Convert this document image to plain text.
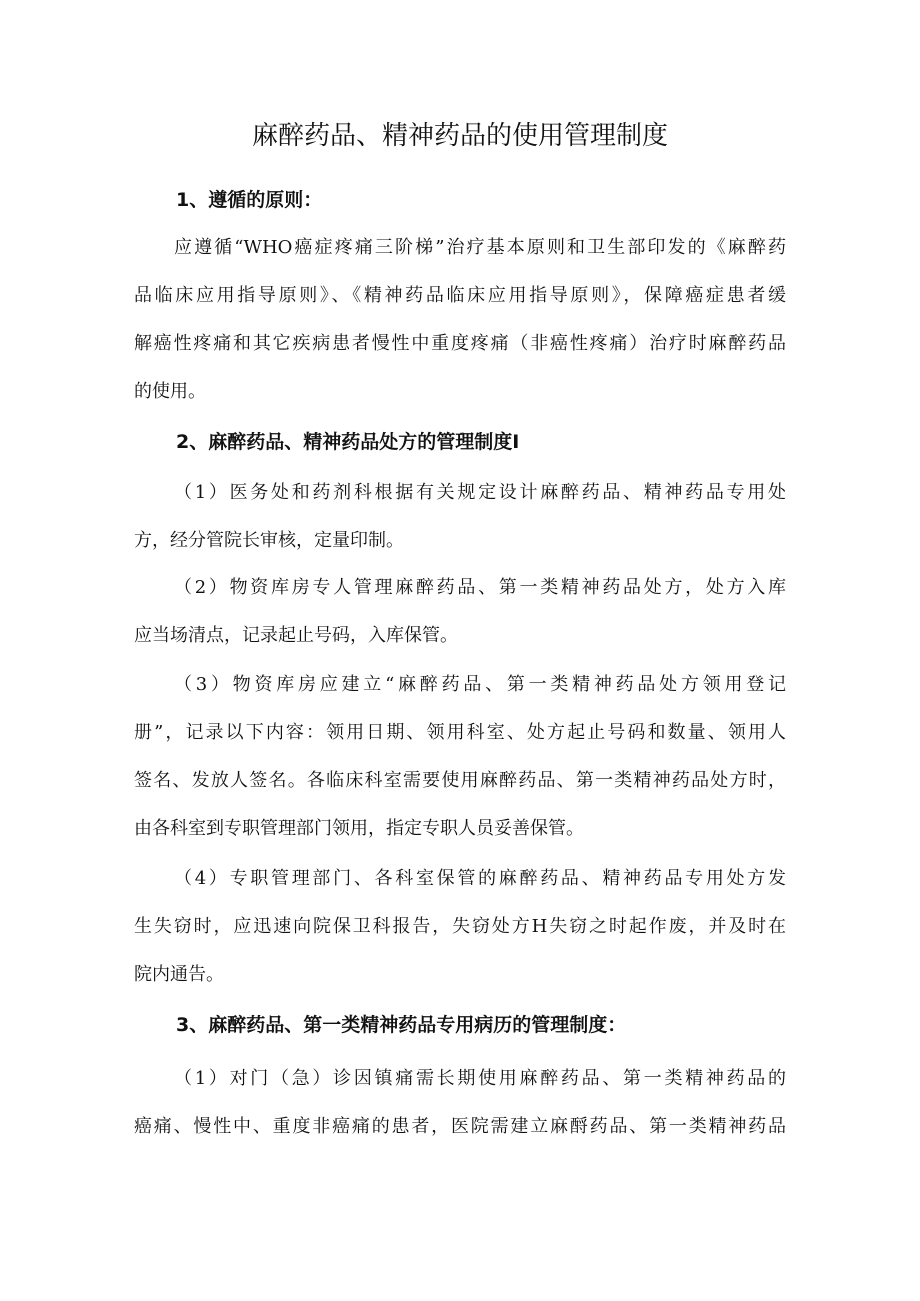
麻醉药品、精神药品的使用管理制度
1、遵循的原则：
应遵循“WHO癌症疼痛三阶梯”治疗基本原则和卫生部印发的《麻醉药
品临床应用指导原则》、《精神药品临床应用指导原则》，保障癌症患者缓
解癌性疼痛和其它疾病患者慢性中重度疼痛（非癌性疼痛）治疗时麻醉药品
的使用。
2、麻醉药品、精神药品处方的管理制度I
（1）医务处和药剂科根据有关规定设计麻醉药品、精神药品专用处
方，经分管院长审核，定量印制。
（2）物资库房专人管理麻醉药品、第一类精神药品处方，处方入库
应当场清点，记录起止号码，入库保管。
（3）物资库房应建立“麻醉药品、第一类精神药品处方领用登记
册”，记录以下内容：领用日期、领用科室、处方起止号码和数量、领用人
签名、发放人签名。各临床科室需要使用麻醉药品、第一类精神药品处方时，
由各科室到专职管理部门领用，指定专职人员妥善保管。
（4）专职管理部门、各科室保管的麻醉药品、精神药品专用处方发
生失窃时，应迅速向院保卫科报告，失窃处方H失窃之时起作废，并及时在
院内通告。
3、麻醉药品、第一类精神药品专用病历的管理制度：
（1）对门（急）诊因镇痛需长期使用麻醉药品、第一类精神药品的
癌痛、慢性中、重度非癌痛的患者，医院需建立麻酹药品、第一类精神药品
